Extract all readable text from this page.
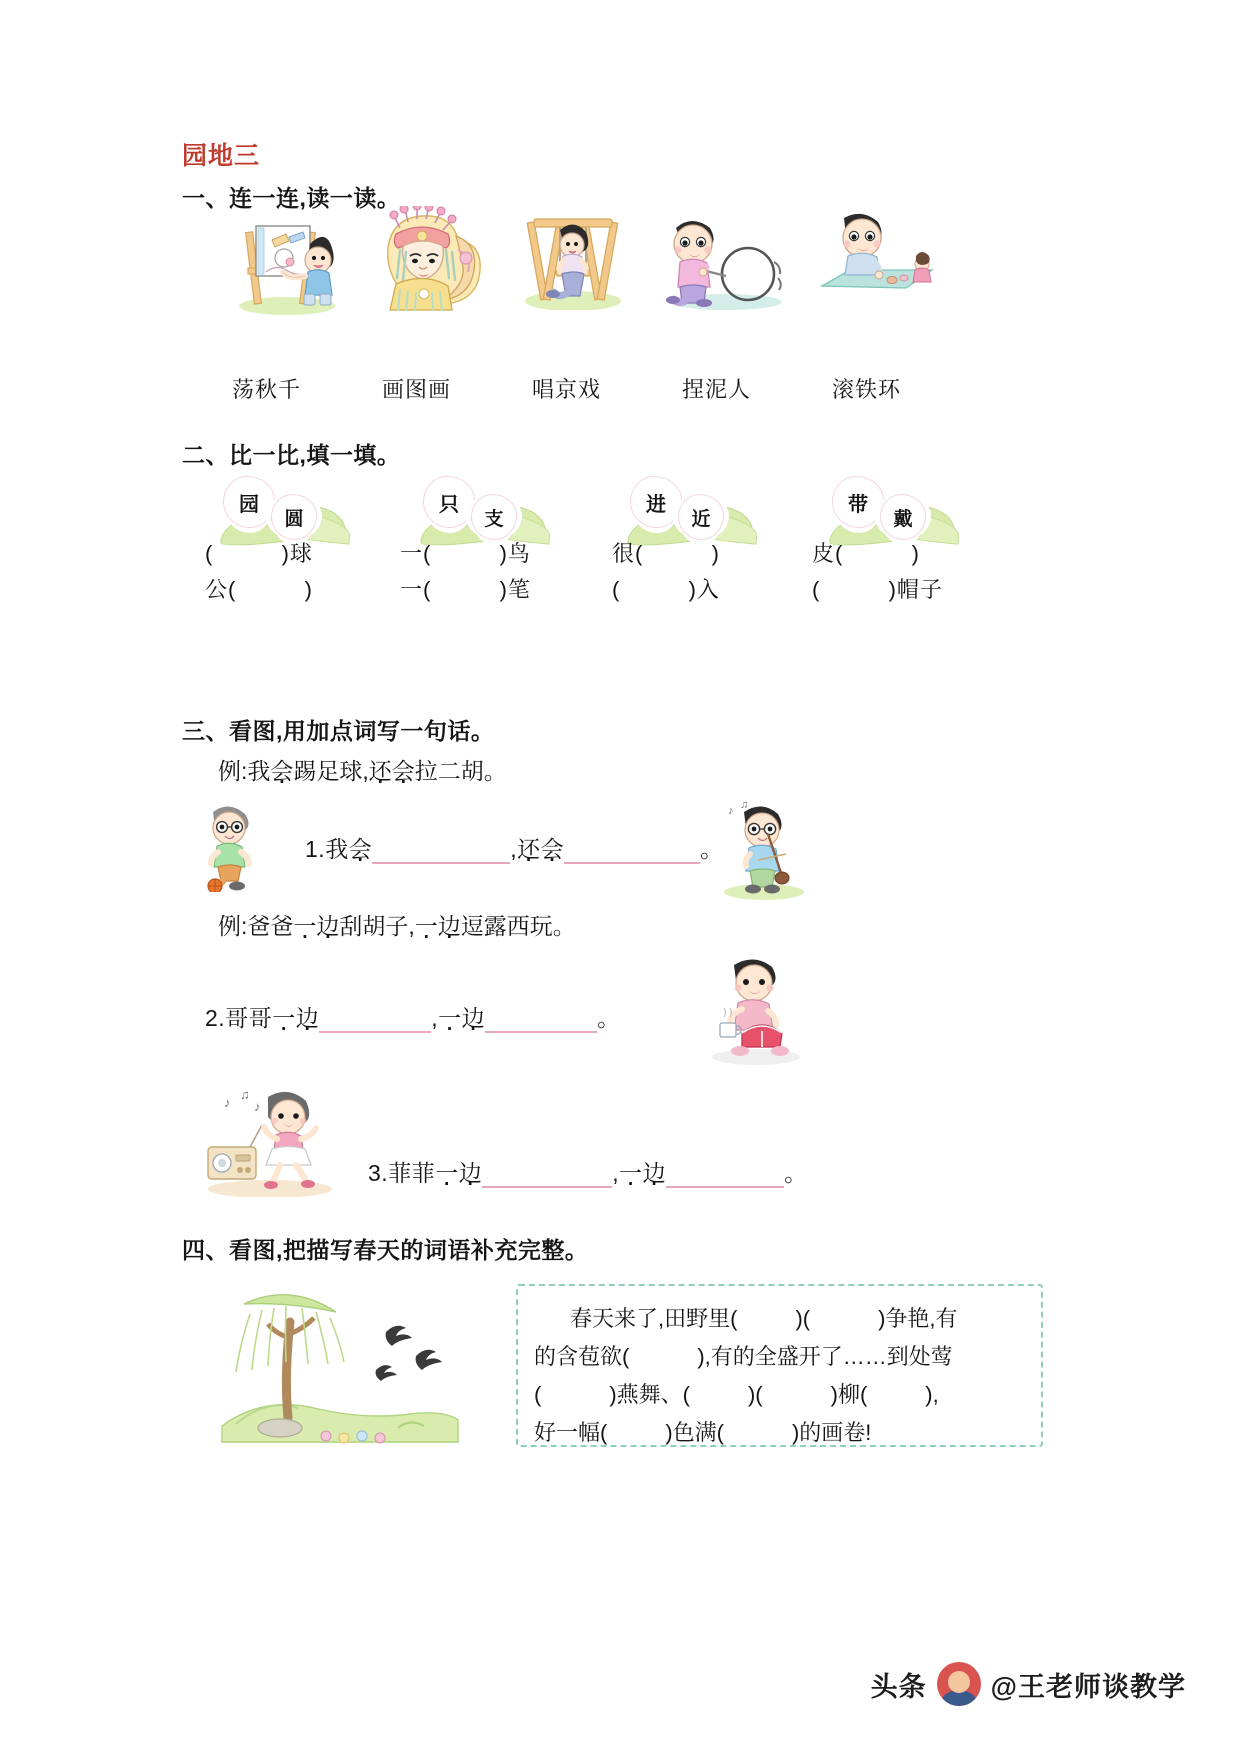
园地三
一、连一连,读一读。
荡秋千	画图画	唱京戏	捏泥人	滚铁环
二、比一比,填一填。
园
圆
只
支
进
近
带
戴
(	)球
公(	)
一(	)鸟
一(	)笔
很(	)
(	)入
皮(	)
(	)帽子
三、看图,用加点词写一句话。
例:我会踢足球,还会拉二胡。
1.我会	,还会	。
♪ ♫
例:爸爸一边刮胡子,一边逗露西玩。
2.哥哥一边	,一边	。
♪
♫
♪
3.菲菲一边	,一边	。
四、看图,把描写春天的词语补充完整。
春天来了,田野里(	)(	)争艳,有
的含苞欲(	),有的全盛开了……到处莺
(	)燕舞、(	)(	)柳(	),
好一幅(	)色满(	)的画卷!
头条 @王老师谈教学
